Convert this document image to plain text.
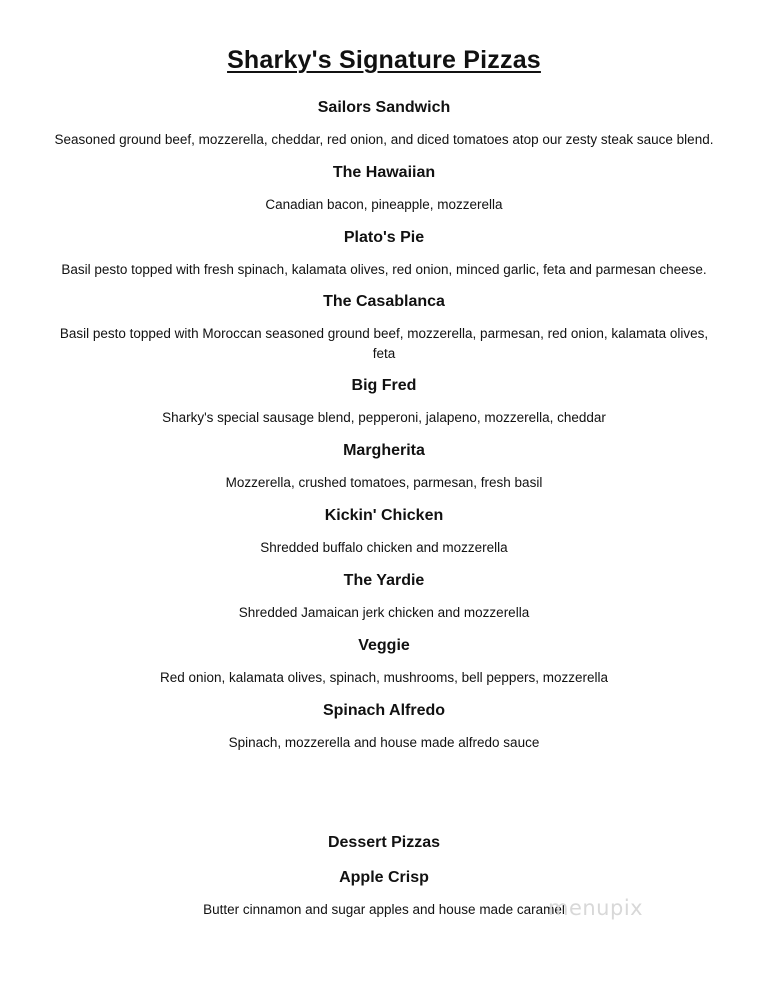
Sharky's Signature Pizzas
Sailors Sandwich
Seasoned ground beef, mozzerella, cheddar, red onion, and diced tomatoes atop our zesty steak sauce blend.
The Hawaiian
Canadian bacon, pineapple, mozzerella
Plato's Pie
Basil pesto topped with fresh spinach, kalamata olives, red onion, minced garlic, feta and parmesan cheese.
The Casablanca
Basil pesto topped with Moroccan seasoned ground beef, mozzerella, parmesan, red onion, kalamata olives, feta
Big Fred
Sharky's special sausage blend, pepperoni, jalapeno, mozzerella, cheddar
Margherita
Mozzerella, crushed tomatoes, parmesan, fresh basil
Kickin' Chicken
Shredded buffalo chicken and mozzerella
The Yardie
Shredded Jamaican jerk chicken and mozzerella
Veggie
Red onion, kalamata olives, spinach, mushrooms, bell peppers, mozzerella
Spinach Alfredo
Spinach, mozzerella and house made alfredo sauce
Dessert Pizzas
Apple Crisp
Butter cinnamon and sugar apples and house made caramel
menupix
